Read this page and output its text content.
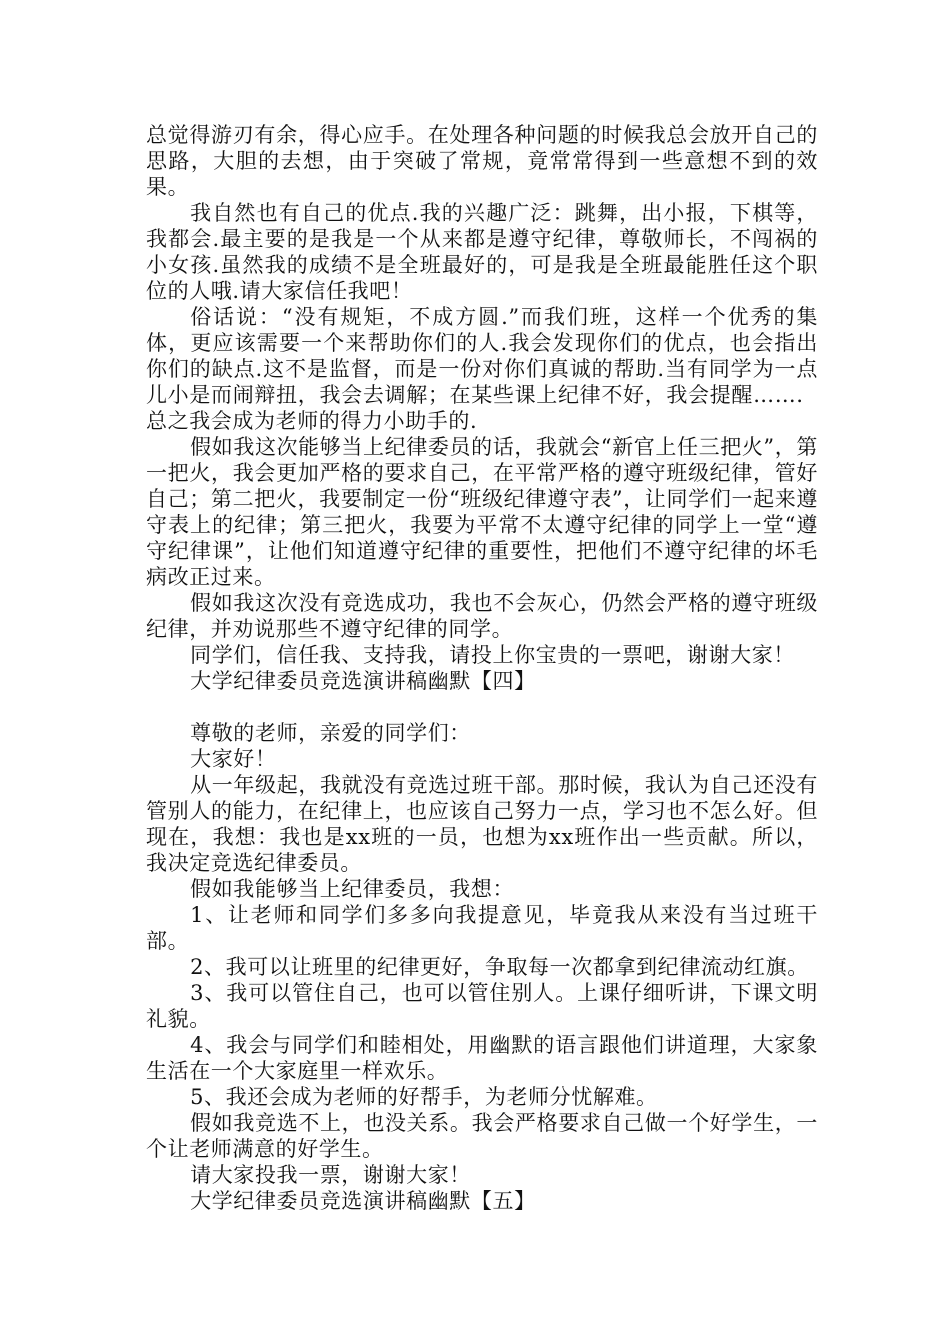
总觉得游刃有余，得心应手。在处理各种问题的时候我总会放开自己的思路，大胆的去想，由于突破了常规，竟常常得到一些意想不到的效果。

我自然也有自己的优点.我的兴趣广泛：跳舞，出小报，下棋等，我都会.最主要的是我是一个从来都是遵守纪律，尊敬师长，不闯祸的小女孩.虽然我的成绩不是全班最好的，可是我是全班最能胜任这个职位的人哦.请大家信任我吧！

俗话说：“没有规矩，不成方圆.”而我们班，这样一个优秀的集体，更应该需要一个来帮助你们的人.我会发现你们的优点，也会指出你们的缺点.这不是监督，而是一份对你们真诚的帮助.当有同学为一点儿小是而闹辩扭，我会去调解；在某些课上纪律不好，我会提醒……．总之我会成为老师的得力小助手的.

假如我这次能够当上纪律委员的话，我就会“新官上任三把火”，第一把火，我会更加严格的要求自己，在平常严格的遵守班级纪律，管好自己；第二把火，我要制定一份“班级纪律遵守表”，让同学们一起来遵守表上的纪律；第三把火，我要为平常不太遵守纪律的同学上一堂“遵守纪律课”，让他们知道遵守纪律的重要性，把他们不遵守纪律的坏毛病改正过来。

假如我这次没有竞选成功，我也不会灰心，仍然会严格的遵守班级纪律，并劝说那些不遵守纪律的同学。

同学们，信任我、支持我，请投上你宝贵的一票吧，谢谢大家！

大学纪律委员竞选演讲稿幽默【四】

尊敬的老师，亲爱的同学们：

大家好！

从一年级起，我就没有竞选过班干部。那时候，我认为自己还没有管别人的能力，在纪律上，也应该自己努力一点，学习也不怎么好。但现在，我想：我也是xx班的一员，也想为xx班作出一些贡献。所以，我决定竞选纪律委员。

假如我能够当上纪律委员，我想：

1、让老师和同学们多多向我提意见，毕竟我从来没有当过班干部。

2、我可以让班里的纪律更好，争取每一次都拿到纪律流动红旗。

3、我可以管住自己，也可以管住别人。上课仔细听讲，下课文明礼貌。

4、我会与同学们和睦相处，用幽默的语言跟他们讲道理，大家象生活在一个大家庭里一样欢乐。

5、我还会成为老师的好帮手，为老师分忧解难。

假如我竞选不上，也没关系。我会严格要求自己做一个好学生，一个让老师满意的好学生。

请大家投我一票，谢谢大家！

大学纪律委员竞选演讲稿幽默【五】
